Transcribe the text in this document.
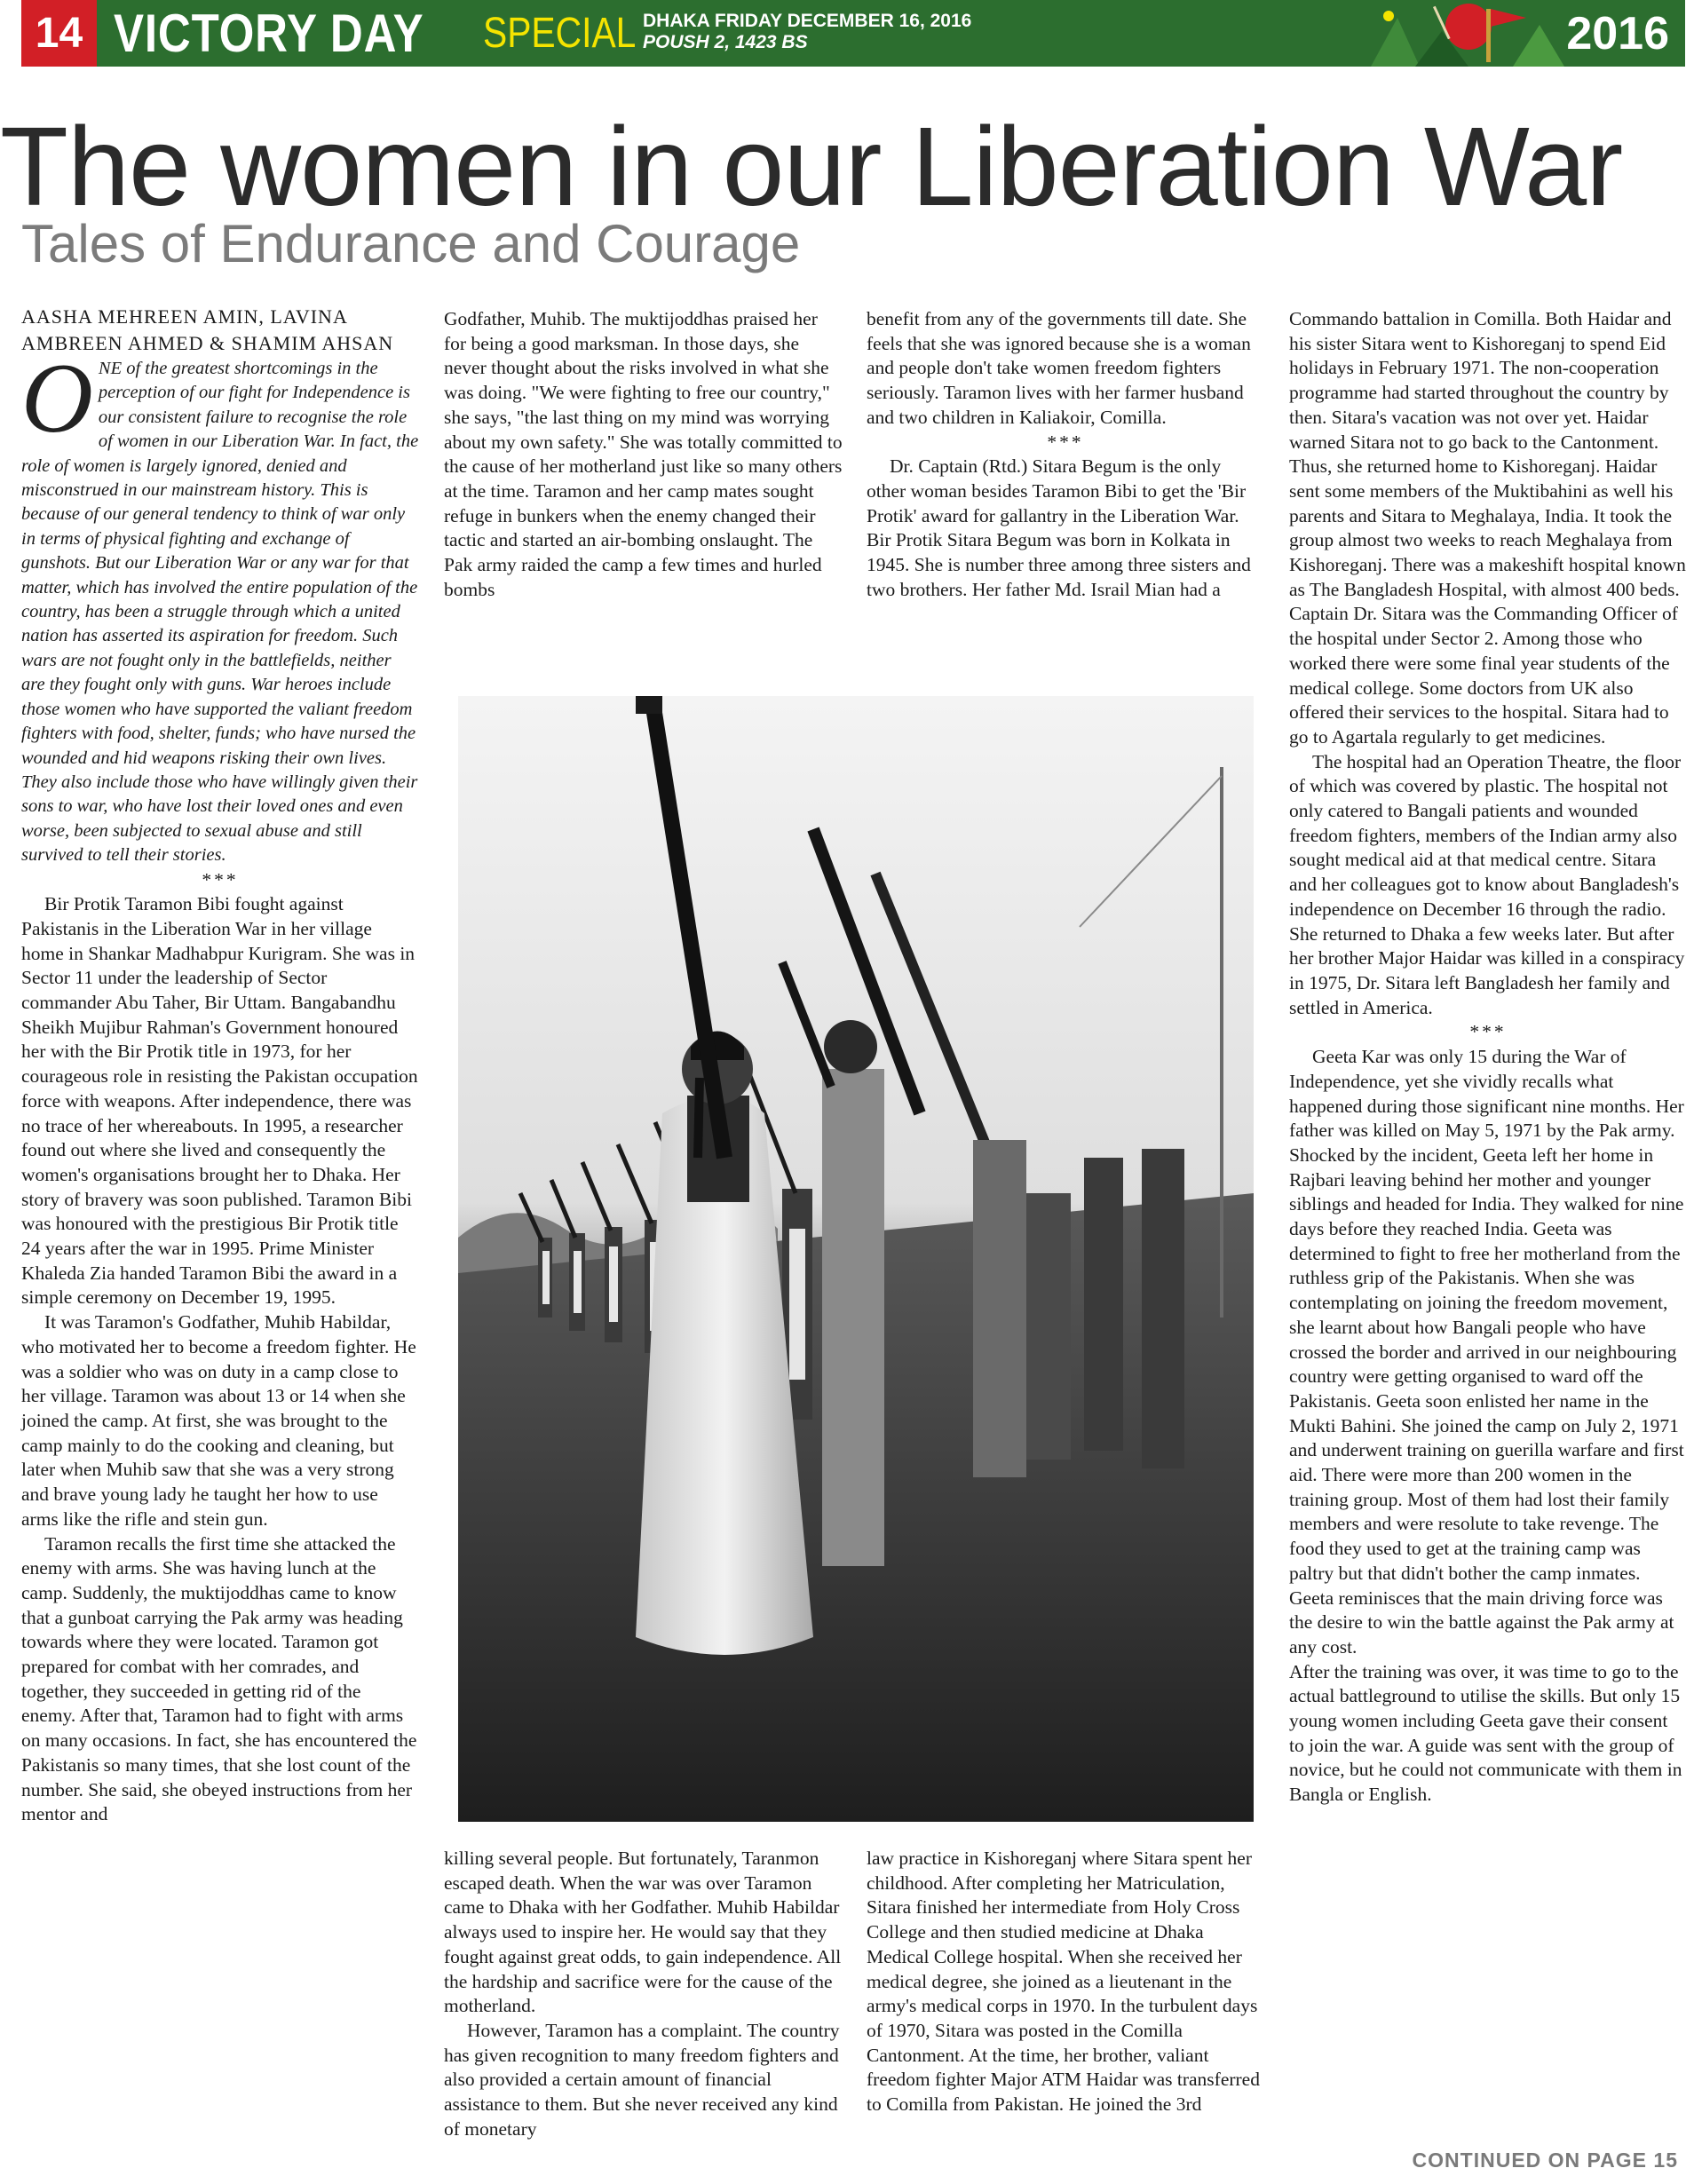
14 VICTORY DAY SPECIAL DHAKA FRIDAY DECEMBER 16, 2016
POUSH 2, 1423 BS	2016
The women in our Liberation War
Tales of Endurance and Courage

AASHA MEHREEN AMIN, LAVINA AMBREEN AHMED & SHAMIM AHSAN

ONE of the greatest shortcomings in the perception of our fight for Independence is our consistent failure to recognise the role of women in our Liberation War. In fact, the role of women is largely ignored, denied and misconstrued in our mainstream history. This is because of our general tendency to think of war only in terms of physical fighting and exchange of gunshots. But our Liberation War or any war for that matter, which has involved the entire population of the country, has been a struggle through which a united nation has asserted its aspiration for freedom. Such wars are not fought only in the battlefields, neither are they fought only with guns. War heroes include those women who have supported the valiant freedom fighters with food, shelter, funds; who have nursed the wounded and hid weapons risking their own lives. They also include those who have willingly given their sons to war, who have lost their loved ones and even worse, been subjected to sexual abuse and still survived to tell their stories.

***

Bir Protik Taramon Bibi fought against Pakistanis in the Liberation War in her village home in Shankar Madhabpur Kurigram. She was in Sector 11 under the leadership of Sector commander Abu Taher, Bir Uttam. Bangabandhu Sheikh Mujibur Rahman's Government honoured her with the Bir Protik title in 1973, for her courageous role in resisting the Pakistan occupation force with weapons. After independence, there was no trace of her whereabouts. In 1995, a researcher found out where she lived and consequently the women's organisations brought her to Dhaka. Her story of bravery was soon published. Taramon Bibi was honoured with the prestigious Bir Protik title 24 years after the war in 1995. Prime Minister Khaleda Zia handed Taramon Bibi the award in a simple ceremony on December 19, 1995.

It was Taramon's Godfather, Muhib Habildar, who motivated her to become a freedom fighter. He was a soldier who was on duty in a camp close to her village. Taramon was about 13 or 14 when she joined the camp. At first, she was brought to the camp mainly to do the cooking and cleaning, but later when Muhib saw that she was a very strong and brave young lady he taught her how to use arms like the rifle and stein gun.

Taramon recalls the first time she attacked the enemy with arms. She was having lunch at the camp. Suddenly, the muktijoddhas came to know that a gunboat carrying the Pak army was heading towards where they were located. Taramon got prepared for combat with her comrades, and together, they succeeded in getting rid of the enemy. After that, Taramon had to fight with arms on many occasions. In fact, she has encountered the Pakistanis so many times, that she lost count of the number. She said, she obeyed instructions from her mentor and

Godfather, Muhib. The muktijoddhas praised her for being a good marksman. In those days, she never thought about the risks involved in what she was doing. "We were fighting to free our country," she says, "the last thing on my mind was worrying about my own safety." She was totally committed to the cause of her motherland just like so many others at the time. Taramon and her camp mates sought refuge in bunkers when the enemy changed their tactic and started an air-bombing onslaught. The Pak army raided the camp a few times and hurled bombs

killing several people. But fortunately, Taranmon escaped death. When the war was over Taramon came to Dhaka with her Godfather. Muhib Habildar always used to inspire her. He would say that they fought against great odds, to gain independence. All the hardship and sacrifice were for the cause of the motherland.

However, Taramon has a complaint. The country has given recognition to many freedom fighters and also provided a certain amount of financial assistance to them. But she never received any kind of monetary

benefit from any of the governments till date. She feels that she was ignored because she is a woman and people don't take women freedom fighters seriously. Taramon lives with her farmer husband and two children in Kaliakoir, Comilla.

***

Dr. Captain (Rtd.) Sitara Begum is the only other woman besides Taramon Bibi to get the 'Bir Protik' award for gallantry in the Liberation War. Bir Protik Sitara Begum was born in Kolkata in 1945. She is number three among three sisters and two brothers. Her father Md. Israil Mian had a

law practice in Kishoreganj where Sitara spent her childhood. After completing her Matriculation, Sitara finished her intermediate from Holy Cross College and then studied medicine at Dhaka Medical College hospital. When she received her medical degree, she joined as a lieutenant in the army's medical corps in 1970. In the turbulent days of 1970, Sitara was posted in the Comilla Cantonment. At the time, her brother, valiant freedom fighter Major ATM Haidar was transferred to Comilla from Pakistan. He joined the 3rd

Commando battalion in Comilla. Both Haidar and his sister Sitara went to Kishoreganj to spend Eid holidays in February 1971. The non-cooperation programme had started throughout the country by then. Sitara's vacation was not over yet. Haidar warned Sitara not to go back to the Cantonment. Thus, she returned home to Kishoreganj. Haidar sent some members of the Muktibahini as well his parents and Sitara to Meghalaya, India. It took the group almost two weeks to reach Meghalaya from Kishoreganj. There was a makeshift hospital known as The Bangladesh Hospital, with almost 400 beds. Captain Dr. Sitara was the Commanding Officer of the hospital under Sector 2. Among those who worked there were some final year students of the medical college. Some doctors from UK also offered their services to the hospital. Sitara had to go to Agartala regularly to get medicines.

The hospital had an Operation Theatre, the floor of which was covered by plastic. The hospital not only catered to Bangali patients and wounded freedom fighters, members of the Indian army also sought medical aid at that medical centre. Sitara and her colleagues got to know about Bangladesh's independence on December 16 through the radio. She returned to Dhaka a few weeks later. But after her brother Major Haidar was killed in a conspiracy in 1975, Dr. Sitara left Bangladesh her family and settled in America.

***

Geeta Kar was only 15 during the War of Independence, yet she vividly recalls what happened during those significant nine months. Her father was killed on May 5, 1971 by the Pak army. Shocked by the incident, Geeta left her home in Rajbari leaving behind her mother and younger siblings and headed for India. They walked for nine days before they reached India. Geeta was determined to fight to free her motherland from the ruthless grip of the Pakistanis. When she was contemplating on joining the freedom movement, she learnt about how Bangali people who have crossed the border and arrived in our neighbouring country were getting organised to ward off the Pakistanis. Geeta soon enlisted her name in the Mukti Bahini. She joined the camp on July 2, 1971 and underwent training on guerilla warfare and first aid. There were more than 200 women in the training group. Most of them had lost their family members and were resolute to take revenge. The food they used to get at the training camp was paltry but that didn't bother the camp inmates. Geeta reminisces that the main driving force was the desire to win the battle against the Pak army at any cost.

After the training was over, it was time to go to the actual battleground to utilise the skills. But only 15 young women including Geeta gave their consent to join the war. A guide was sent with the group of novice, but he could not communicate with them in Bangla or English.

CONTINUED ON PAGE 15
